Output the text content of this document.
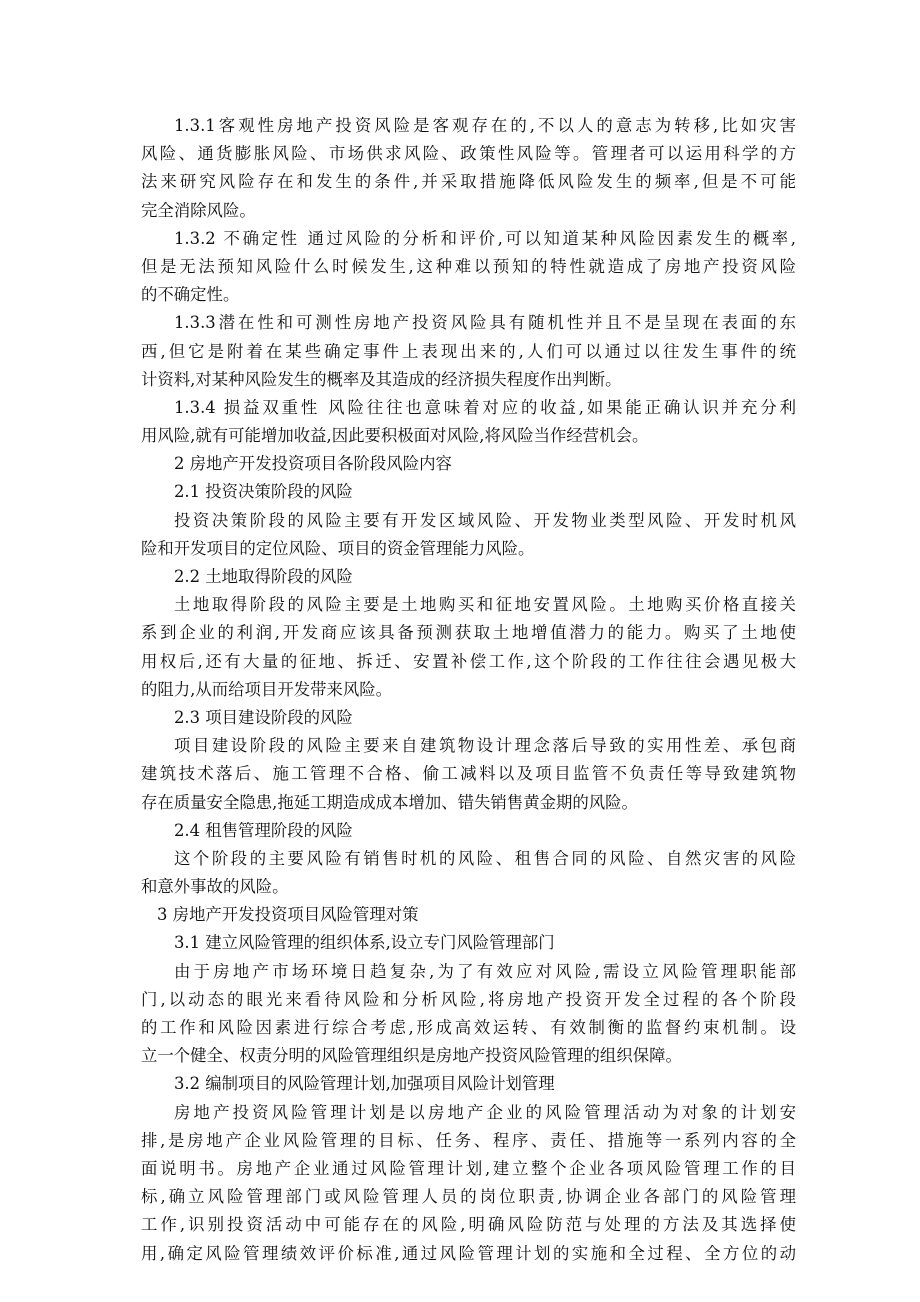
1.3.1客观性房地产投资风险是客观存在的,不以人的意志为转移,比如灾害
风险、通货膨胀风险、市场供求风险、政策性风险等。管理者可以运用科学的方
法来研究风险存在和发生的条件,并采取措施降低风险发生的频率,但是不可能
完全消除风险。
1.3.2 不确定性 通过风险的分析和评价,可以知道某种风险因素发生的概率,
但是无法预知风险什么时候发生,这种难以预知的特性就造成了房地产投资风险
的不确定性。
1.3.3潜在性和可测性房地产投资风险具有随机性并且不是呈现在表面的东
西,但它是附着在某些确定事件上表现出来的,人们可以通过以往发生事件的统
计资料,对某种风险发生的概率及其造成的经济损失程度作出判断。
1.3.4 损益双重性 风险往往也意味着对应的收益,如果能正确认识并充分利
用风险,就有可能增加收益,因此要积极面对风险,将风险当作经营机会。
2 房地产开发投资项目各阶段风险内容
2.1 投资决策阶段的风险
投资决策阶段的风险主要有开发区域风险、开发物业类型风险、开发时机风
险和开发项目的定位风险、项目的资金管理能力风险。
2.2 土地取得阶段的风险
土地取得阶段的风险主要是土地购买和征地安置风险。土地购买价格直接关
系到企业的利润,开发商应该具备预测获取土地增值潜力的能力。购买了土地使
用权后,还有大量的征地、拆迁、安置补偿工作,这个阶段的工作往往会遇见极大
的阻力,从而给项目开发带来风险。
2.3 项目建设阶段的风险
项目建设阶段的风险主要来自建筑物设计理念落后导致的实用性差、承包商
建筑技术落后、施工管理不合格、偷工减料以及项目监管不负责任等导致建筑物
存在质量安全隐患,拖延工期造成成本增加、错失销售黄金期的风险。
2.4 租售管理阶段的风险
这个阶段的主要风险有销售时机的风险、租售合同的风险、自然灾害的风险
和意外事故的风险。
3 房地产开发投资项目风险管理对策
3.1 建立风险管理的组织体系,设立专门风险管理部门
由于房地产市场环境日趋复杂,为了有效应对风险,需设立风险管理职能部
门,以动态的眼光来看待风险和分析风险,将房地产投资开发全过程的各个阶段
的工作和风险因素进行综合考虑,形成高效运转、有效制衡的监督约束机制。设
立一个健全、权责分明的风险管理组织是房地产投资风险管理的组织保障。
3.2 编制项目的风险管理计划,加强项目风险计划管理
房地产投资风险管理计划是以房地产企业的风险管理活动为对象的计划安
排,是房地产企业风险管理的目标、任务、程序、责任、措施等一系列内容的全
面说明书。房地产企业通过风险管理计划,建立整个企业各项风险管理工作的目
标,确立风险管理部门或风险管理人员的岗位职责,协调企业各部门的风险管理
工作,识别投资活动中可能存在的风险,明确风险防范与处理的方法及其选择使
用,确定风险管理绩效评价标准,通过风险管理计划的实施和全过程、全方位的动
